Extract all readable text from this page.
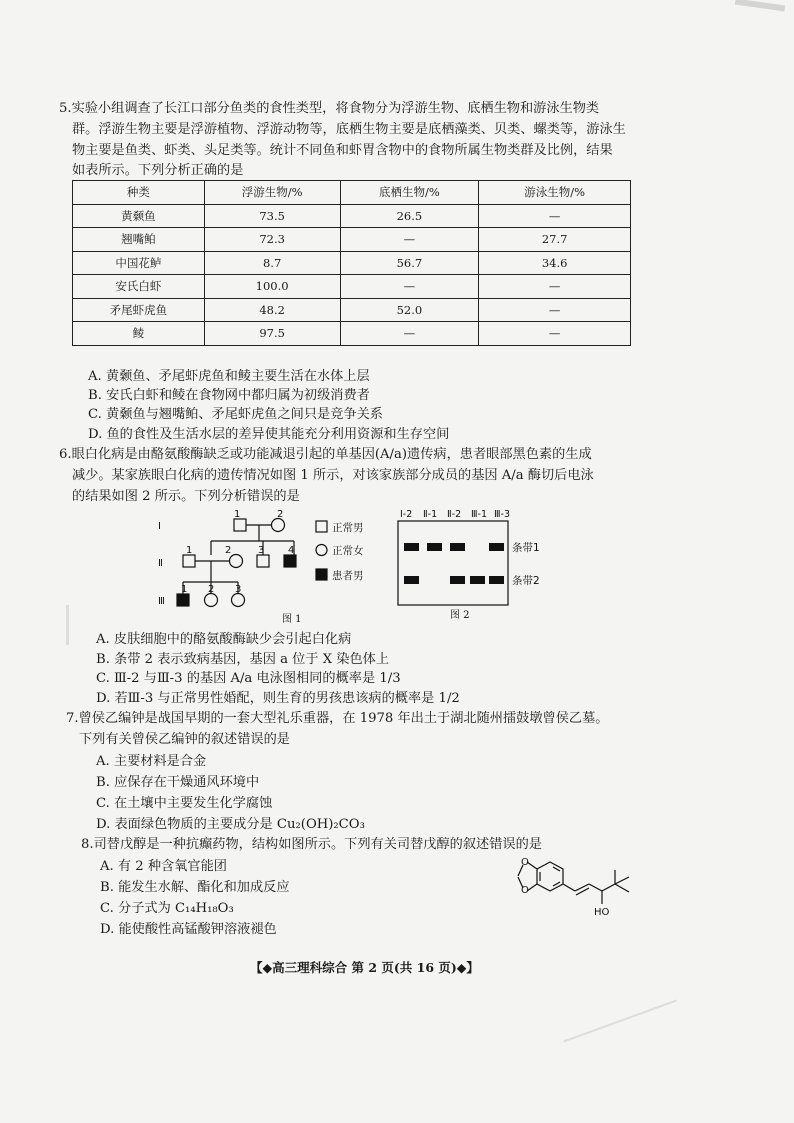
5.实验小组调查了长江口部分鱼类的食性类型，将食物分为浮游生物、底栖生物和游泳生物类
群。浮游生物主要是浮游植物、浮游动物等，底栖生物主要是底栖藻类、贝类、螺类等，游泳生
物主要是鱼类、虾类、头足类等。统计不同鱼和虾胃含物中的食物所属生物类群及比例，结果
如表所示。下列分析正确的是
种类	浮游生物/%	底栖生物/%	游泳生物/%
黄颡鱼	73.5	26.5	—
翘嘴鲌	72.3	—	27.7
中国花鲈	8.7	56.7	34.6
安氏白虾	100.0	—	—
矛尾虾虎鱼	48.2	52.0	—
鲮	97.5	—	—
A. 黄颡鱼、矛尾虾虎鱼和鲮主要生活在水体上层
B. 安氏白虾和鲮在食物网中都归属为初级消费者
C. 黄颡鱼与翘嘴鲌、矛尾虾虎鱼之间只是竞争关系
D. 鱼的食性及生活水层的差异使其能充分利用资源和生存空间
6.眼白化病是由酪氨酸酶缺乏或功能减退引起的单基因(A/a)遗传病，患者眼部黑色素的生成
减少。某家族眼白化病的遗传情况如图 1 所示，对该家族部分成员的基因 A/a 酶切后电泳
的结果如图 2 所示。下列分析错误的是
Ⅰ
Ⅱ
Ⅲ
1	2
1	2	3 4
1 2 3
正常男
正常女
患者男
图 1
Ⅰ-2 Ⅱ-1 Ⅱ-2 Ⅲ-1 Ⅲ-3
条带1
条带2
图 2
A. 皮肤细胞中的酪氨酸酶缺少会引起白化病
B. 条带 2 表示致病基因，基因 a 位于 X 染色体上
C. Ⅲ-2 与Ⅲ-3 的基因 A/a 电泳图相同的概率是 1/3
D. 若Ⅲ-3 与正常男性婚配，则生育的男孩患该病的概率是 1/2
7.曾侯乙编钟是战国早期的一套大型礼乐重器，在 1978 年出土于湖北随州擂鼓墩曾侯乙墓。
下列有关曾侯乙编钟的叙述错误的是
A. 主要材料是合金
B. 应保存在干燥通风环境中
C. 在土壤中主要发生化学腐蚀
D. 表面绿色物质的主要成分是 Cu₂(OH)₂CO₃
8.司替戊醇是一种抗癫药物，结构如图所示。下列有关司替戊醇的叙述错误的是
A. 有 2 种含氧官能团
B. 能发生水解、酯化和加成反应
C. 分子式为 C₁₄H₁₈O₃
D. 能使酸性高锰酸钾溶液褪色
O
O
HO
【◆高三理科综合 第 2 页(共 16 页)◆】
